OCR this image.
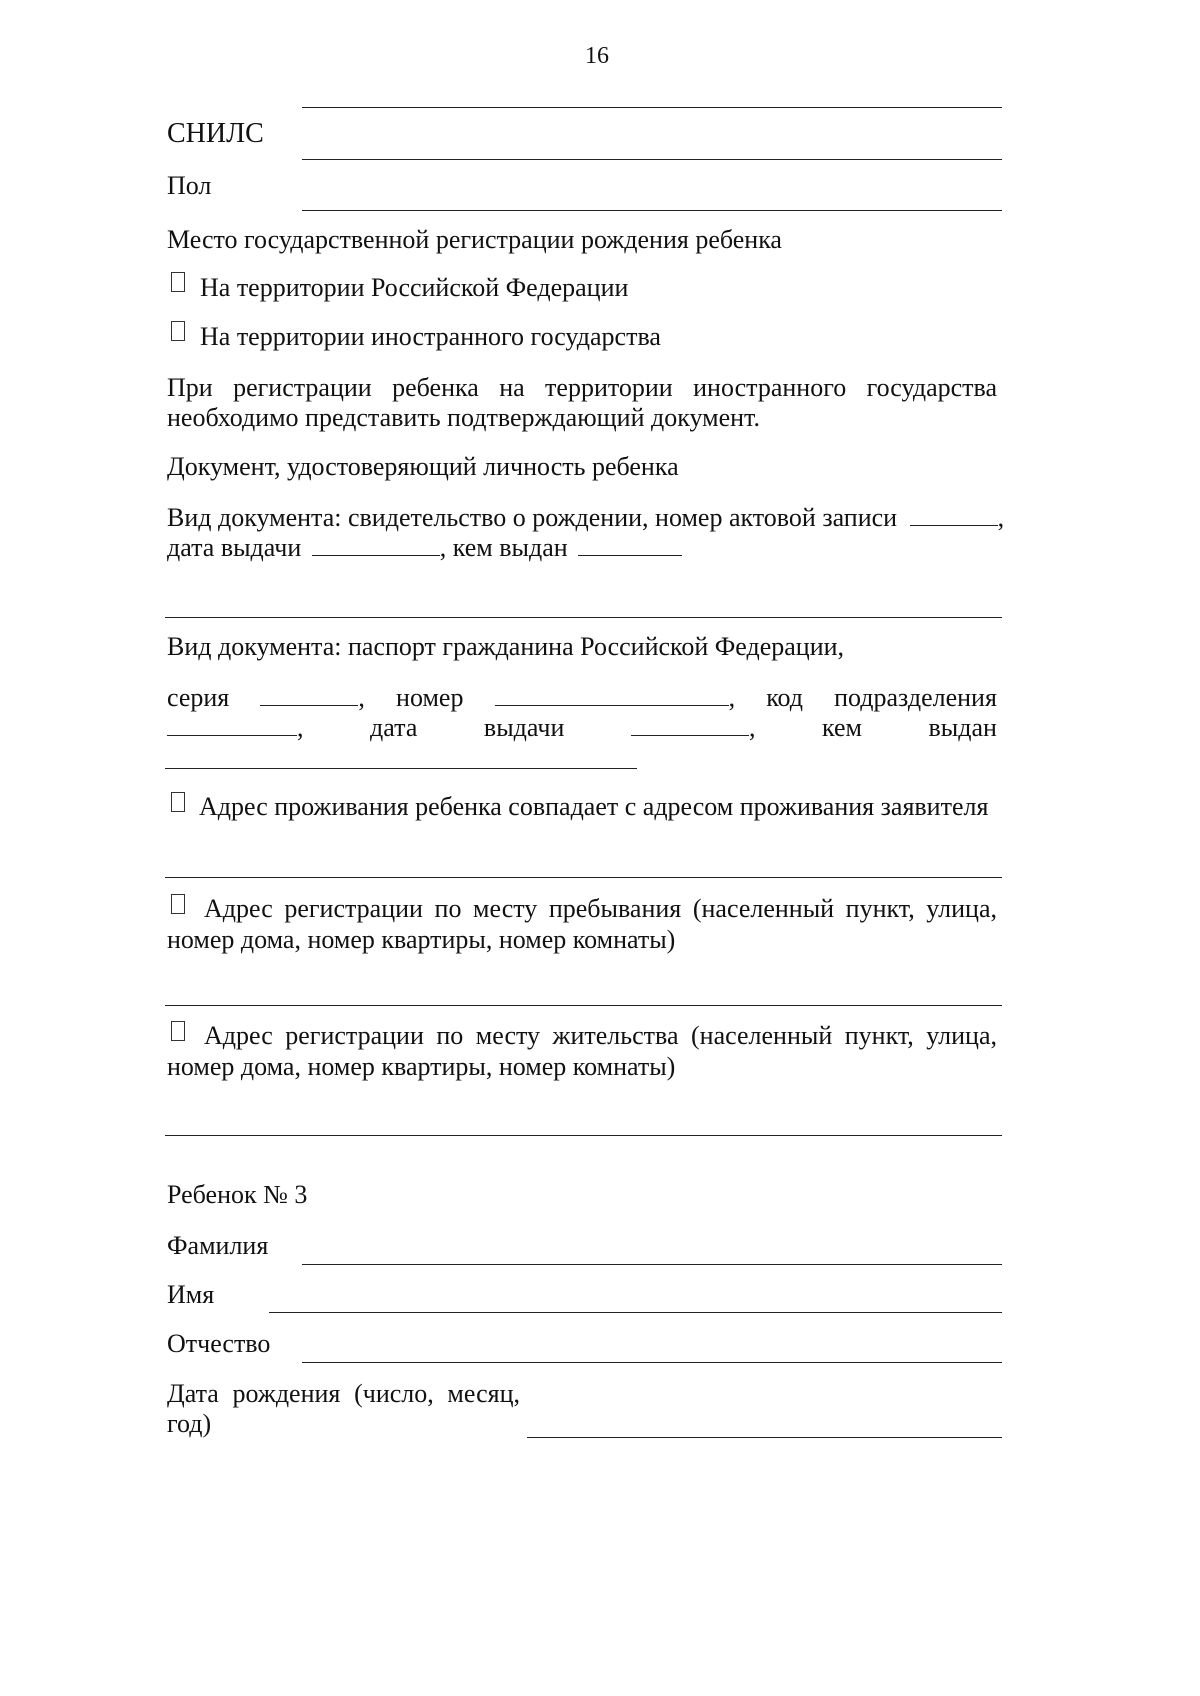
16
СНИЛС
Пол
Место государственной регистрации рождения ребенка
На территории Российской Федерации
На территории иностранного государства
При регистрации ребенка на территории иностранного государства
необходимо представить подтверждающий документ.
Документ, удостоверяющий личность ребенка
Вид документа: свидетельство о рождении, номер актовой записи	,
дата выдачи	, кем выдан
Вид документа: паспорт гражданина Российской Федерации,
серия	, номер	, код подразделения
,	дата	выдачи	,	кем	выдан
Адрес проживания ребенка совпадает с адресом проживания заявителя
Адрес регистрации по месту пребывания (населенный пункт, улица,
номер дома, номер квартиры, номер комнаты)
Адрес регистрации по месту жительства (населенный пункт, улица,
номер дома, номер квартиры, номер комнаты)
Ребенок № 3
Фамилия
Имя
Отчество
Дата рождения (число, месяц,
год)
